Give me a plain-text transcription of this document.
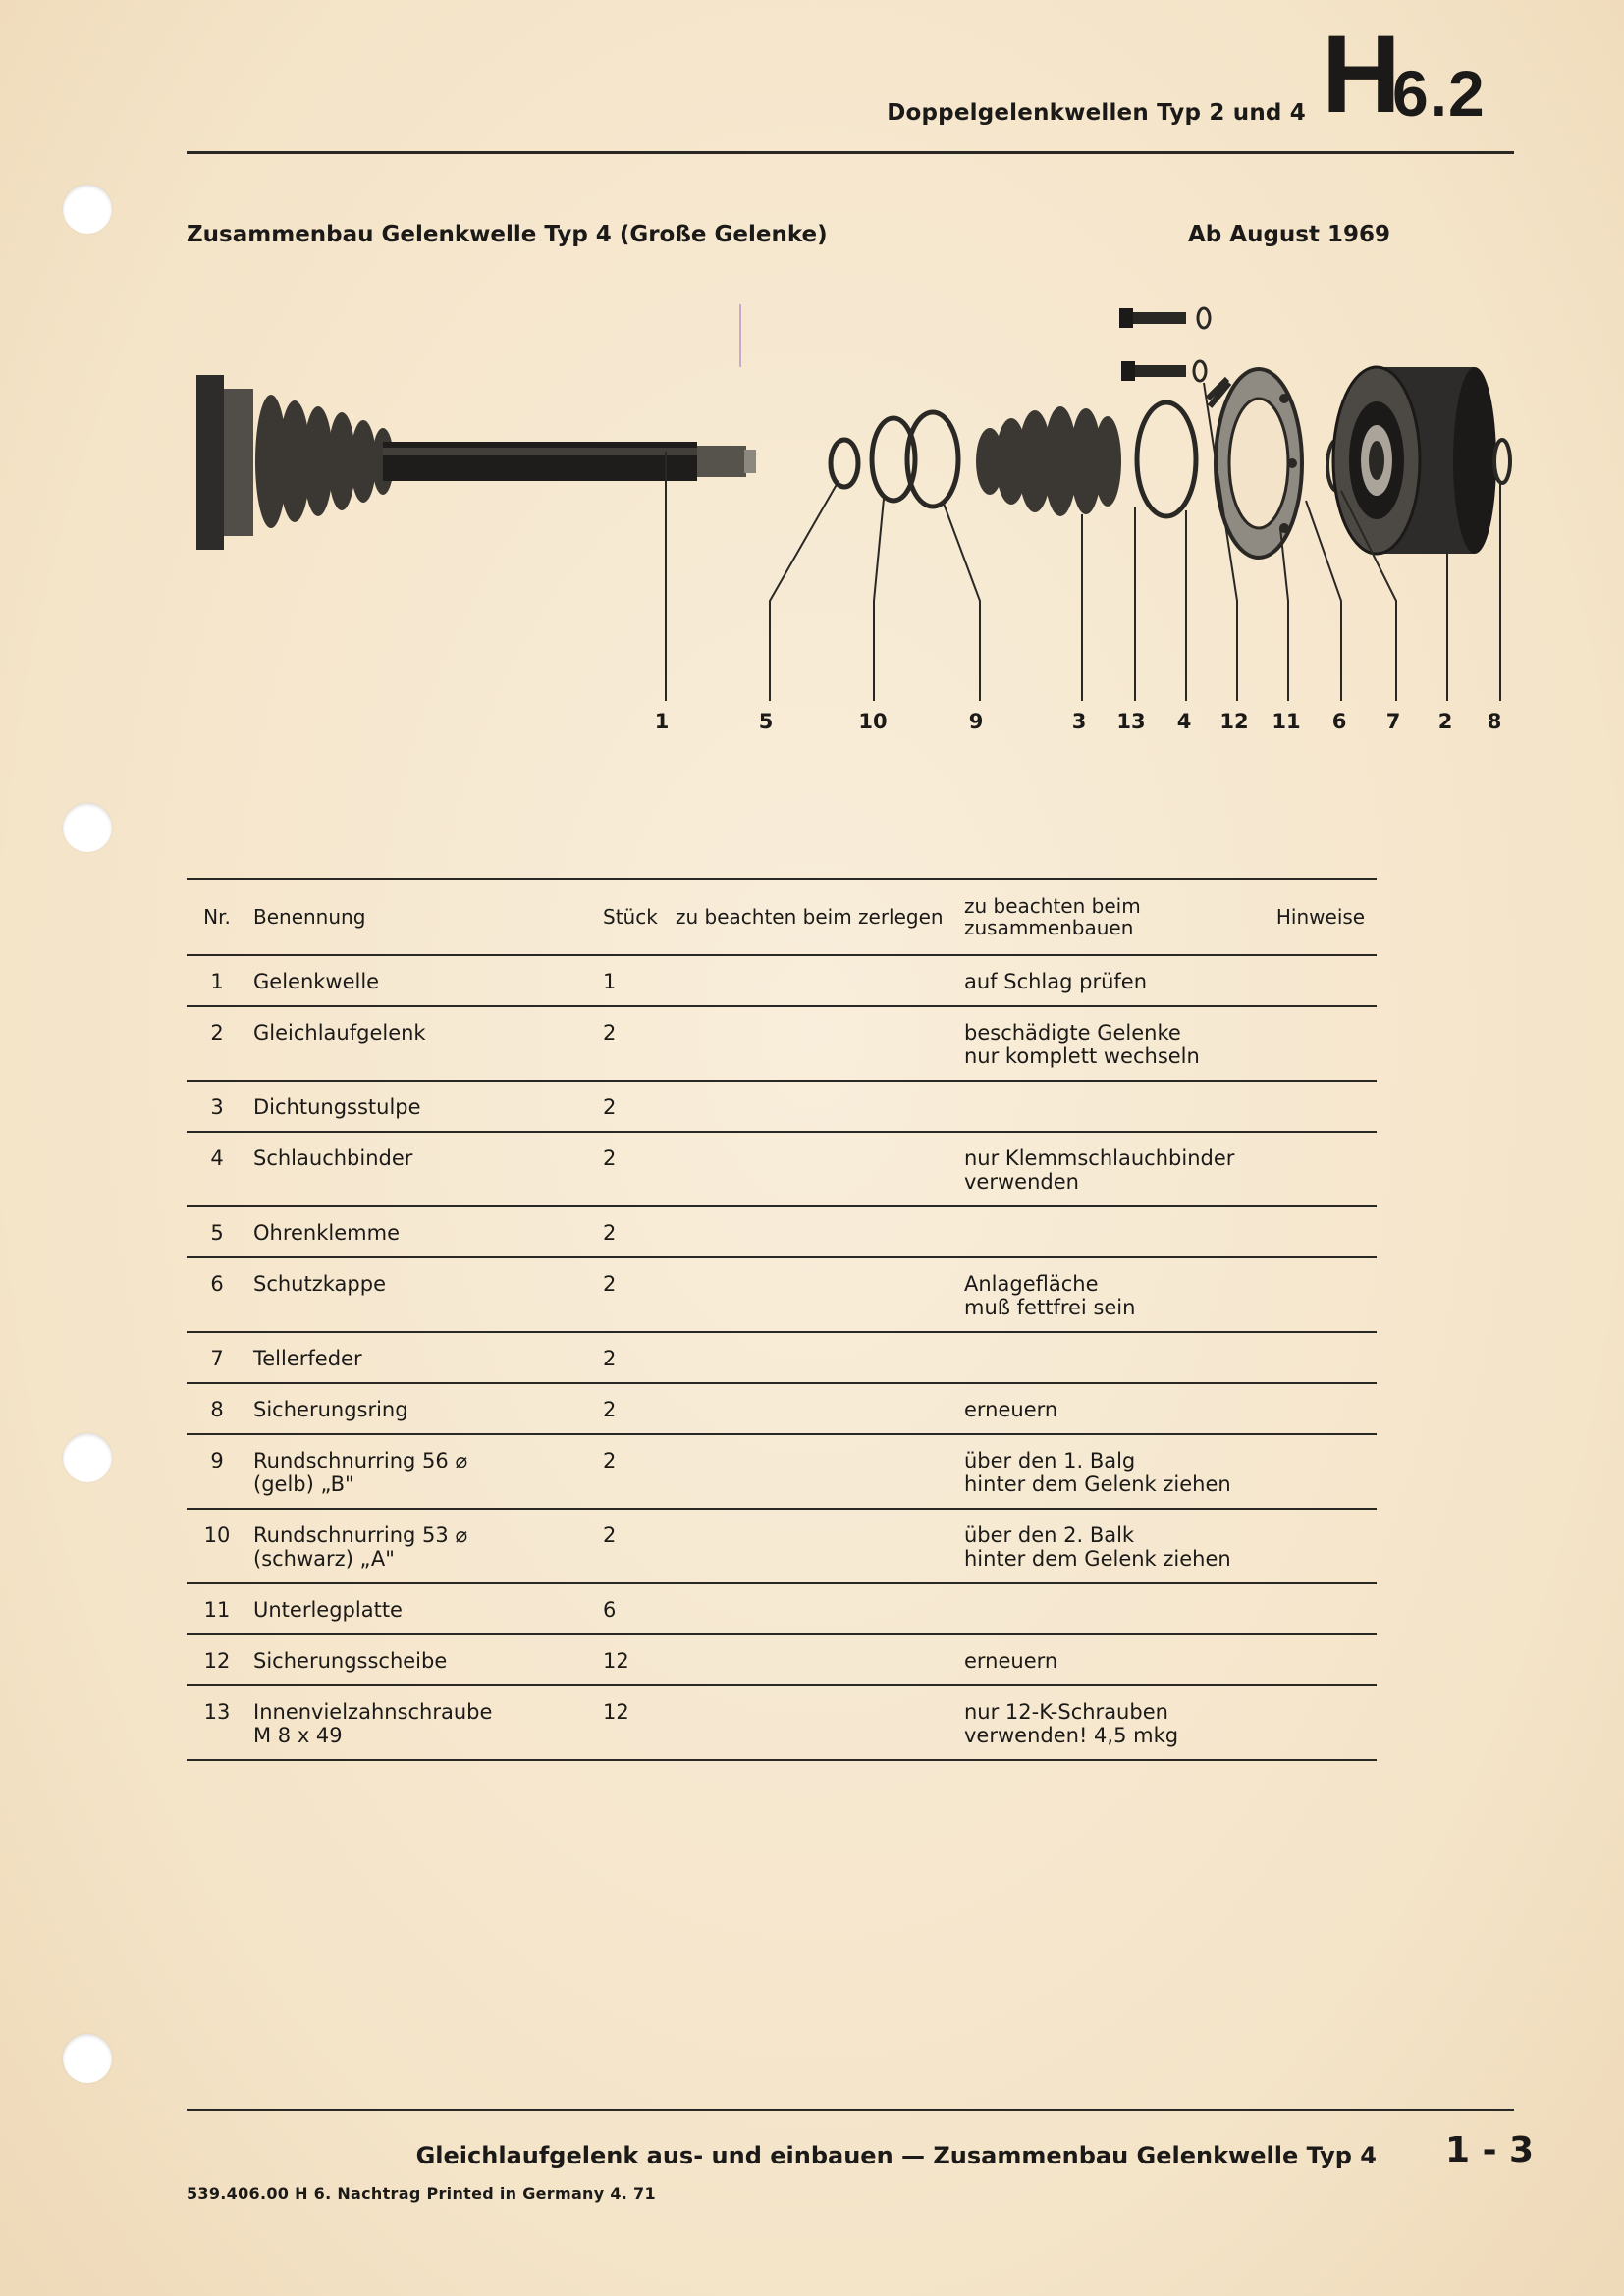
Doppelgelenkwellen Typ 2 und 4 H
6.2
Zusammenbau Gelenkwelle Typ 4 (Große Gelenke)	Ab August 1969
1	5	10	9	3 13 4 12 11 6 7 2 8
Nr.	Benennung	Stück	zu beachten beim zerlegen	zu beachten beim zusammenbauen	Hinweise
1	Gelenkwelle	1		auf Schlag prüfen	
2	Gleichlaufgelenk	2		beschädigte Gelenke
nur komplett wechseln	
3	Dichtungsstulpe	2			
4	Schlauchbinder	2		nur Klemmschlauchbinder
verwenden	
5	Ohrenklemme	2			
6	Schutzkappe	2		Anlagefläche
muß fettfrei sein	
7	Tellerfeder	2			
8	Sicherungsring	2		erneuern	
9	Rundschnurring 56 ⌀
(gelb) „B"	2		über den 1. Balg
hinter dem Gelenk ziehen	
10	Rundschnurring 53 ⌀
(schwarz) „A"	2		über den 2. Balk
hinter dem Gelenk ziehen	
11	Unterlegplatte	6			
12	Sicherungsscheibe	12		erneuern	
13	Innenvielzahnschraube
M 8 x 49	12		nur 12-K-Schrauben
verwenden! 4,5 mkg	
Gleichlaufgelenk aus- und einbauen — Zusammenbau Gelenkwelle Typ 4 1 - 3
539.406.00 H 6. Nachtrag Printed in Germany 4. 71
